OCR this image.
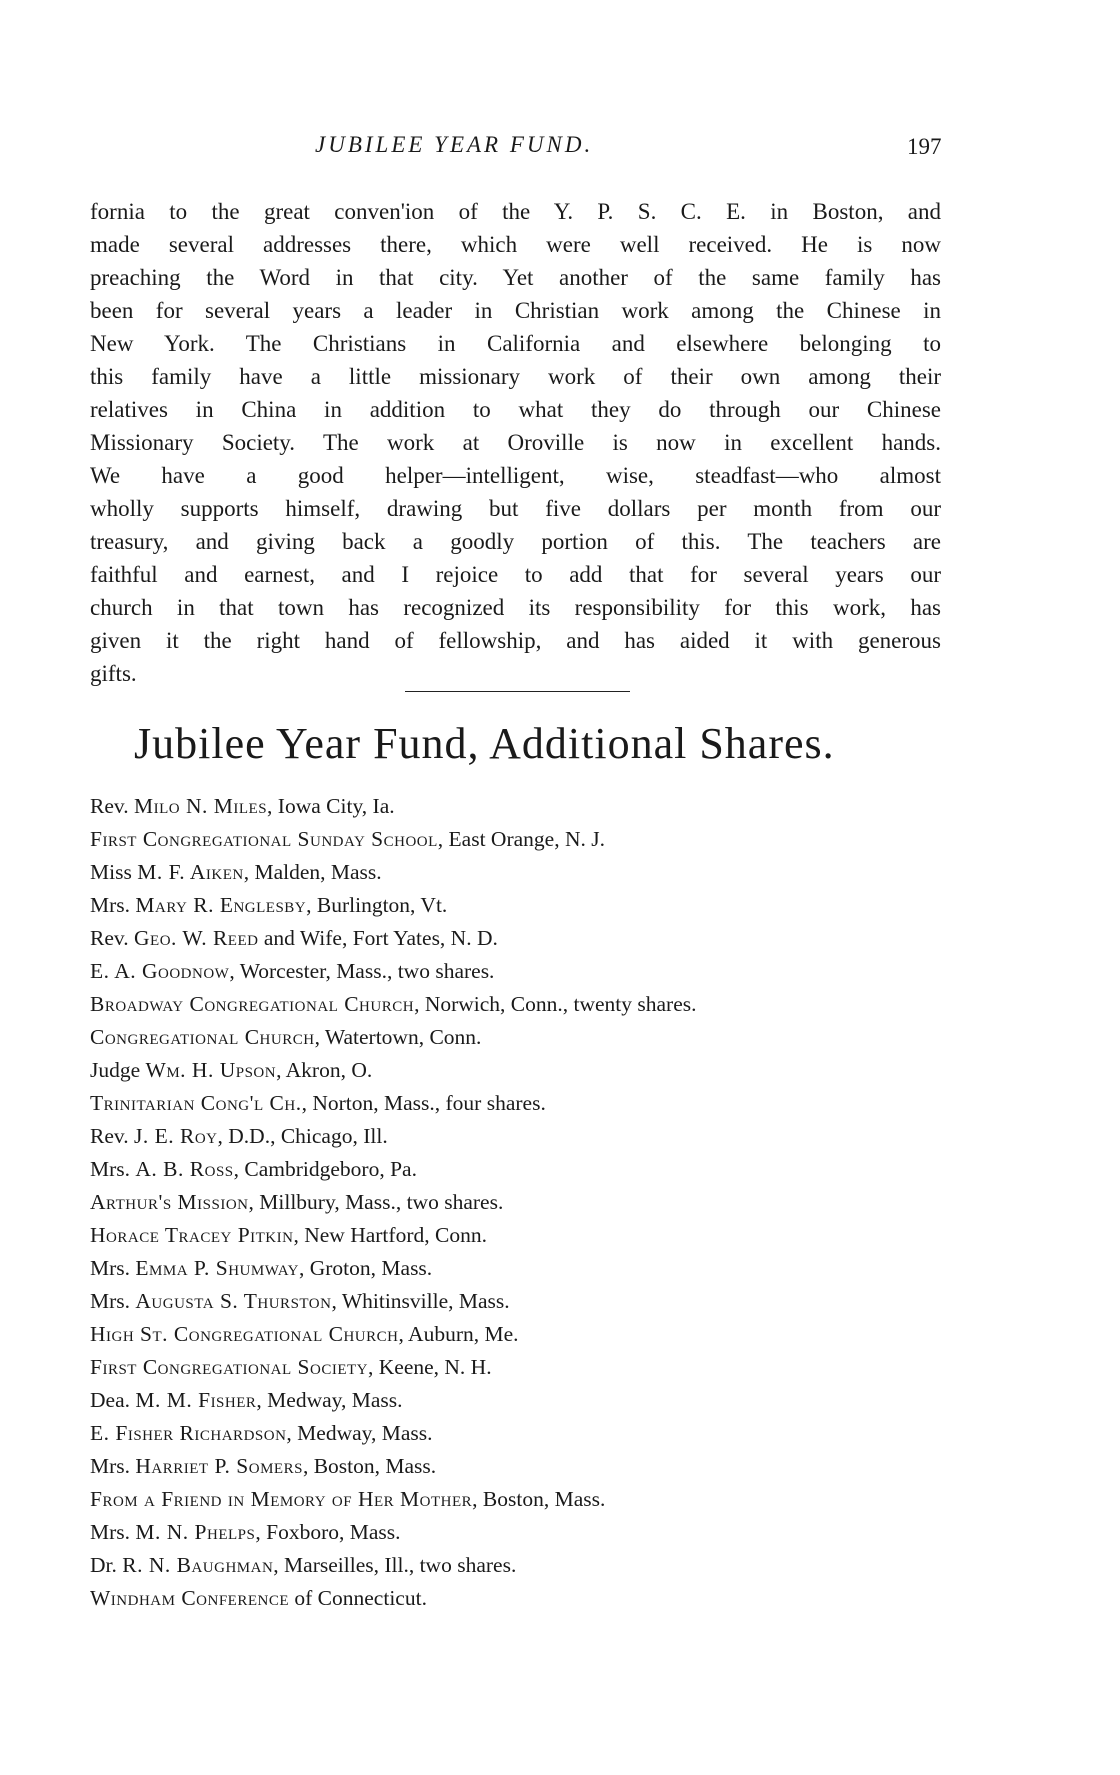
JUBILEE YEAR FUND.	197
fornia to the great conven'ion of the Y. P. S. C. E. in Boston, and
made several addresses there, which were well received. He is now
preaching the Word in that city. Yet another of the same family has
been for several years a leader in Christian work among the Chinese in
New York. The Christians in California and elsewhere belonging to
this family have a little missionary work of their own among their
relatives in China in addition to what they do through our Chinese
Missionary Society. The work at Oroville is now in excellent hands.
We have a good helper—intelligent, wise, steadfast—who almost
wholly supports himself, drawing but five dollars per month from our
treasury, and giving back a goodly portion of this. The teachers are
faithful and earnest, and I rejoice to add that for several years our
church in that town has recognized its responsibility for this work, has
given it the right hand of fellowship, and has aided it with generous
gifts.
Jubilee Year Fund, Additional Shares.
Rev. Milo N. Miles, Iowa City, Ia.
First Congregational Sunday School, East Orange, N. J.
Miss M. F. Aiken, Malden, Mass.
Mrs. Mary R. Englesby, Burlington, Vt.
Rev. Geo. W. Reed and Wife, Fort Yates, N. D.
E. A. Goodnow, Worcester, Mass., two shares.
Broadway Congregational Church, Norwich, Conn., twenty shares.
Congregational Church, Watertown, Conn.
Judge Wm. H. Upson, Akron, O.
Trinitarian Cong'l Ch., Norton, Mass., four shares.
Rev. J. E. Roy, D.D., Chicago, Ill.
Mrs. A. B. Ross, Cambridgeboro, Pa.
Arthur's Mission, Millbury, Mass., two shares.
Horace Tracey Pitkin, New Hartford, Conn.
Mrs. Emma P. Shumway, Groton, Mass.
Mrs. Augusta S. Thurston, Whitinsville, Mass.
High St. Congregational Church, Auburn, Me.
First Congregational Society, Keene, N. H.
Dea. M. M. Fisher, Medway, Mass.
E. Fisher Richardson, Medway, Mass.
Mrs. Harriet P. Somers, Boston, Mass.
From a Friend in Memory of Her Mother, Boston, Mass.
Mrs. M. N. Phelps, Foxboro, Mass.
Dr. R. N. Baughman, Marseilles, Ill., two shares.
Windham Conference of Connecticut.
